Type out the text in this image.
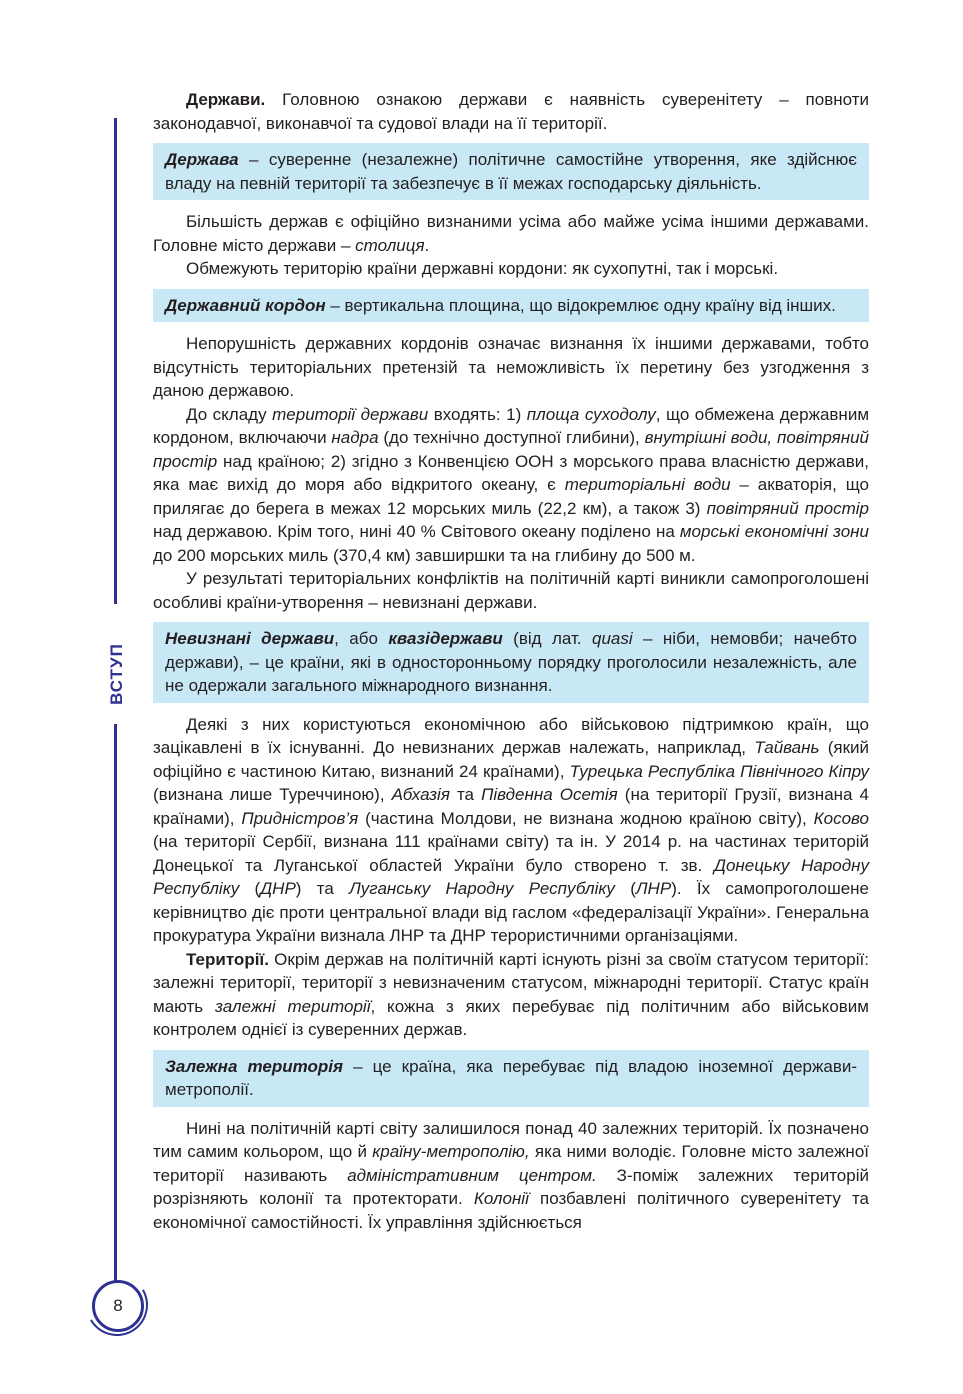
ВСТУП
8

Держави. Головною ознакою держави є наявність суверенітету – повноти законодавчої, виконавчої та судової влади на її території.

Держава – суверенне (незалежне) політичне самостійне утворення, яке здійснює владу на певній території та забезпечує в її межах господарську діяльність.

Більшість держав є офіційно визнаними усіма або майже усіма іншими державами. Головне місто держави – столиця.

Обмежують територію країни державні кордони: як сухопутні, так і морські.

Державний кордон – вертикальна площина, що відокремлює одну країну від інших.

Непорушність державних кордонів означає визнання їх іншими державами, тобто відсутність територіальних претензій та неможливість їх перетину без узгодження з даною державою.

До складу території держави входять: 1) площа суходолу, що обмежена державним кордоном, включаючи надра (до технічно доступної глибини), внутрішні води, повітряний простір над країною; 2) згідно з Конвенцією ООН з морського права власністю держави, яка має вихід до моря або відкритого океану, є територіальні води – акваторія, що прилягає до берега в межах 12 морських миль (22,2 км), а також 3) повітряний простір над державою. Крім того, нині 40 % Світового океану поділено на морські економічні зони до 200 морських миль (370,4 км) завширшки та на глибину до 500 м.

У результаті територіальних конфліктів на політичній карті виникли самопроголошені особливі країни-утворення – невизнані держави.

Невизнані держави, або квазідержави (від лат. quasi – ніби, немовби; начебто держави), – це країни, які в односторонньому порядку проголосили незалежність, але не одержали загального міжнародного визнання.

Деякі з них користуються економічною або військовою підтримкою країн, що зацікавлені в їх існуванні. До невизнаних держав належать, наприклад, Тайвань (який офіційно є частиною Китаю, визнаний 24 країнами), Турецька Республіка Північного Кіпру (визнана лише Туреччиною), Абхазія та Південна Осетія (на території Грузії, визнана 4 країнами), Придністров’я (частина Молдови, не визнана жодною країною світу), Косово (на території Сербії, визнана 111 країнами світу) та ін. У 2014 р. на частинах територій Донецької та Луганської областей України було створено т. зв. Донецьку Народну Республіку (ДНР) та Луганську Народну Республіку (ЛНР). Їх самопроголошене керівництво діє проти центральної влади від гаслом «федералізації України». Генеральна прокуратура України визнала ЛНР та ДНР терористичними організаціями.

Території. Окрім держав на політичній карті існують різні за своїм статусом території: залежні території, території з невизначеним статусом, міжнародні території. Статус країн мають залежні території, кожна з яких перебуває під політичним або військовим контролем однієї із суверенних держав.

Залежна територія – це країна, яка перебуває під владою іноземної держави-метрополії.

Нині на політичній карті світу залишилося понад 40 залежних територій. Їх позначено тим самим кольором, що й країну-метрополію, яка ними володіє. Головне місто залежної території називають адміністративним центром. З-поміж залежних територій розрізняють колонії та протекторати. Колонії позбавлені політичного суверенітету та економічної самостійності. Їх управління здійснюється
